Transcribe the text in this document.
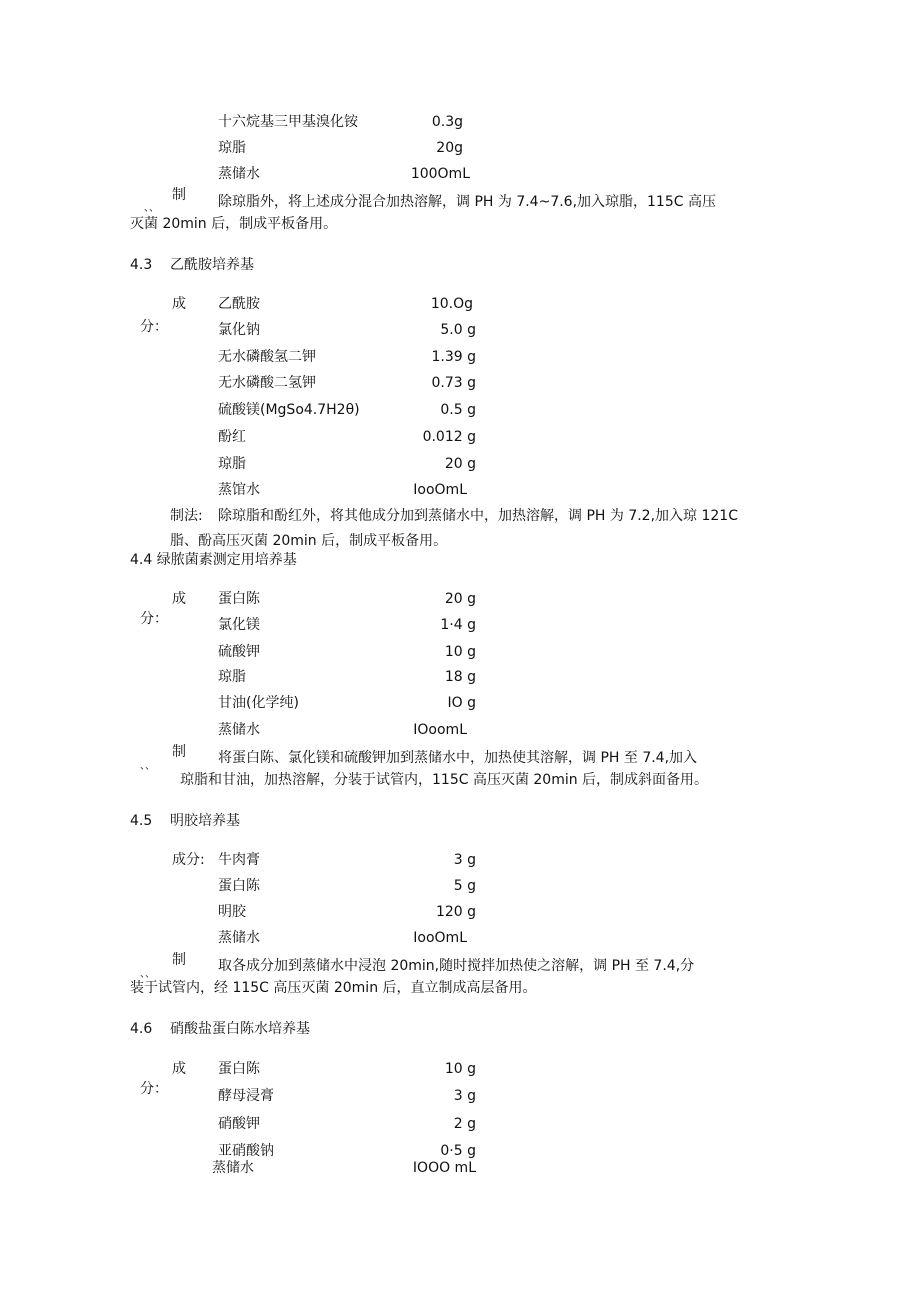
十六烷基三甲基溴化铵	0.3g
琼脂	20g
蒸储水	100OmL
制
、、	除琼脂外，将上述成分混合加热溶解，调 PH 为 7.4~7.6,加入琼脂，115C 高压
灭菌 20min 后，制成平板备用。
4.3 乙酰胺培养基
成
分：
乙酰胺	10.Og
氯化钠	5.0 g
无水磷酸氢二钾	1.39 g
无水磷酸二氢钾	0.73 g
硫酸镁(MgSo4.7H2θ)	0.5 g
酚红	0.012 g
琼脂	20 g
蒸馆水	IooOmL
制法: 除琼脂和酚红外，将其他成分加到蒸储水中，加热溶解，调 PH 为 7.2,加入琼 121C
脂、酚高压灭菌 20min 后，制成平板备用。
4.4 绿脓菌素测定用培养基
成
分：
蛋白陈	20 g
氯化镁	1·4 g
硫酸钾	10 g
琼脂	18 g
甘油(化学纯)	IO g
蒸储水	IOoomL
制
、、
将蛋白陈、氯化镁和硫酸钾加到蒸储水中，加热使其溶解，调 PH 至 7.4,加入
琼脂和甘油，加热溶解，分装于试管内，115C 高压灭菌 20min 后，制成斜面备用。
4.5 明胶培养基
成分: 牛肉膏	3 g
蛋白陈	5 g
明胶	120 g
蒸储水	IooOmL
制
、、
取各成分加到蒸储水中浸泡 20min,随时搅拌加热使之溶解，调 PH 至 7.4,分
装于试管内，经 115C 高压灭菌 20min 后，直立制成高层备用。
4.6 硝酸盐蛋白陈水培养基
成
分：
蛋白陈	10 g
酵母浸膏	3 g
硝酸钾	2 g
亚硝酸钠	0·5 g
蒸储水	IOOO mL
